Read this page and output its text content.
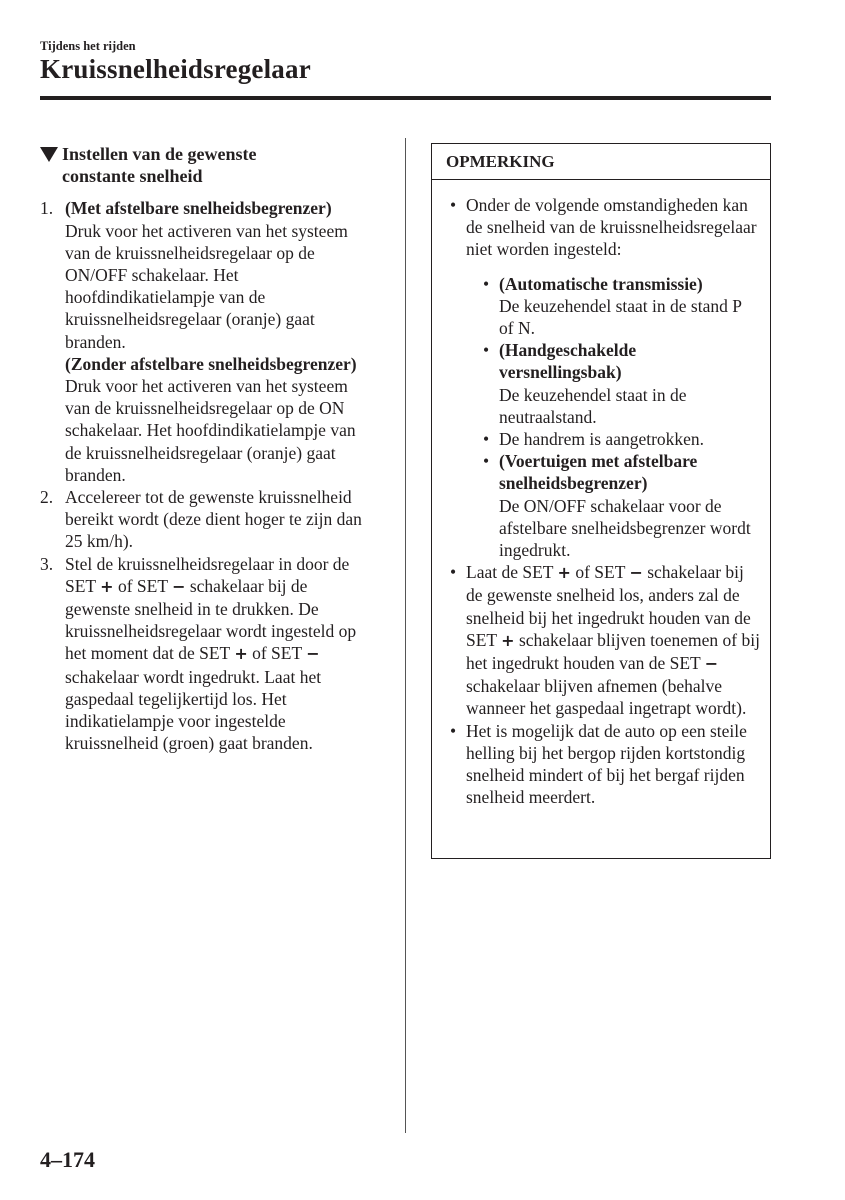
Tijdens het rijden
Kruissnelheidsregelaar
Instellen van de gewenste
constante snelheid
1. (Met afstelbare snelheidsbegrenzer)
Druk voor het activeren van het systeem van de kruissnelheidsregelaar op de ON/OFF schakelaar. Het hoofdindikatielampje van de kruissnelheidsregelaar (oranje) gaat branden.
(Zonder afstelbare snelheidsbegrenzer)
Druk voor het activeren van het systeem van de kruissnelheidsregelaar op de ON schakelaar. Het hoofdindikatielampje van de kruissnelheidsregelaar (oranje) gaat branden.
2. Accelereer tot de gewenste kruissnelheid bereikt wordt (deze dient hoger te zijn dan 25 km/h).
3. Stel de kruissnelheidsregelaar in door de SET + of SET − schakelaar bij de gewenste snelheid in te drukken. De kruissnelheidsregelaar wordt ingesteld op het moment dat de SET + of SET − schakelaar wordt ingedrukt. Laat het gaspedaal tegelijkertijd los. Het indikatielampje voor ingestelde kruissnelheid (groen) gaat branden.
OPMERKING
• Onder de volgende omstandigheden kan de snelheid van de kruissnelheidsregelaar niet worden ingesteld:
• (Automatische transmissie)
De keuzehendel staat in de stand P of N.
• (Handgeschakelde versnellingsbak)
De keuzehendel staat in de neutraalstand.
• De handrem is aangetrokken.
• (Voertuigen met afstelbare snelheidsbegrenzer)
De ON/OFF schakelaar voor de afstelbare snelheidsbegrenzer wordt ingedrukt.
• Laat de SET + of SET − schakelaar bij de gewenste snelheid los, anders zal de snelheid bij het ingedrukt houden van de SET + schakelaar blijven toenemen of bij het ingedrukt houden van de SET − schakelaar blijven afnemen (behalve wanneer het gaspedaal ingetrapt wordt).
• Het is mogelijk dat de auto op een steile helling bij het bergop rijden kortstondig snelheid mindert of bij het bergaf rijden snelheid meerdert.
4–174
